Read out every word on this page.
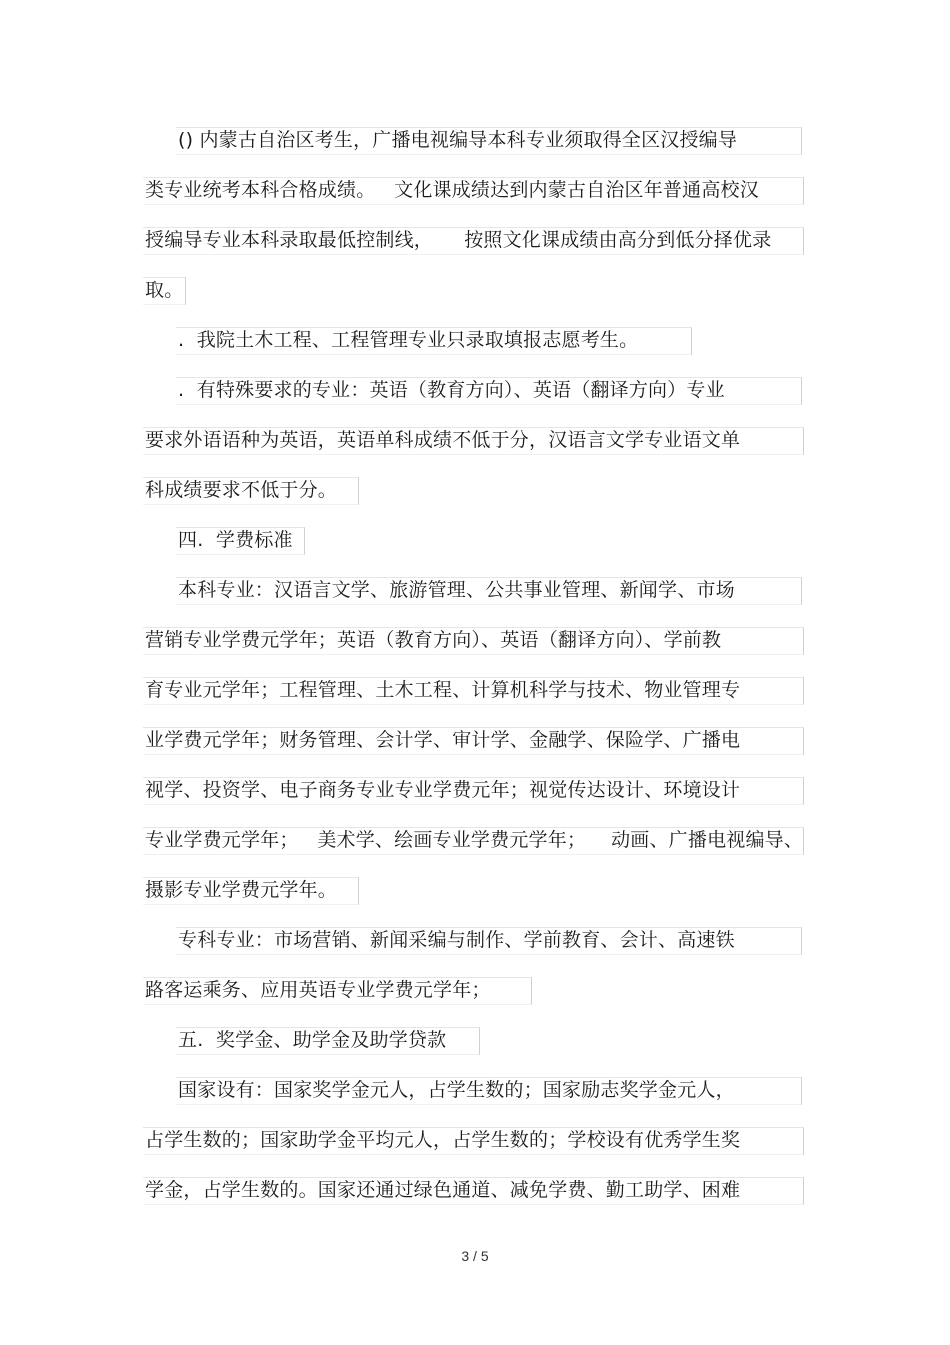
() 内蒙古自治区考生，广播电视编导本科专业须取得全区汉授编导
类专业统考本科合格成绩。   文化课成绩达到内蒙古自治区年普通高校汉
授编导专业本科录取最低控制线，     按照文化课成绩由高分到低分择优录
取。
.  我院土木工程、工程管理专业只录取填报志愿考生。
.  有特殊要求的专业：英语（教育方向）、英语（翻译方向）专业
要求外语语种为英语，英语单科成绩不低于分，汉语言文学专业语文单
科成绩要求不低于分。
四.  学费标准
本科专业：汉语言文学、旅游管理、公共事业管理、新闻学、市场
营销专业学费元学年；英语（教育方向）、英语（翻译方向）、学前教
育专业元学年；工程管理、土木工程、计算机科学与技术、物业管理专
业学费元学年；财务管理、会计学、审计学、金融学、保险学、广播电
视学、投资学、电子商务专业专业学费元年；视觉传达设计、环境设计
专业学费元学年；   美术学、绘画专业学费元学年；    动画、广播电视编导、
摄影专业学费元学年。
专科专业：市场营销、新闻采编与制作、学前教育、会计、高速铁
路客运乘务、应用英语专业学费元学年；
五.  奖学金、助学金及助学贷款
国家设有：国家奖学金元人，占学生数的；国家励志奖学金元人，
占学生数的；国家助学金平均元人，占学生数的；学校设有优秀学生奖
学金，占学生数的。国家还通过绿色通道、减免学费、勤工助学、困难
3 / 5
